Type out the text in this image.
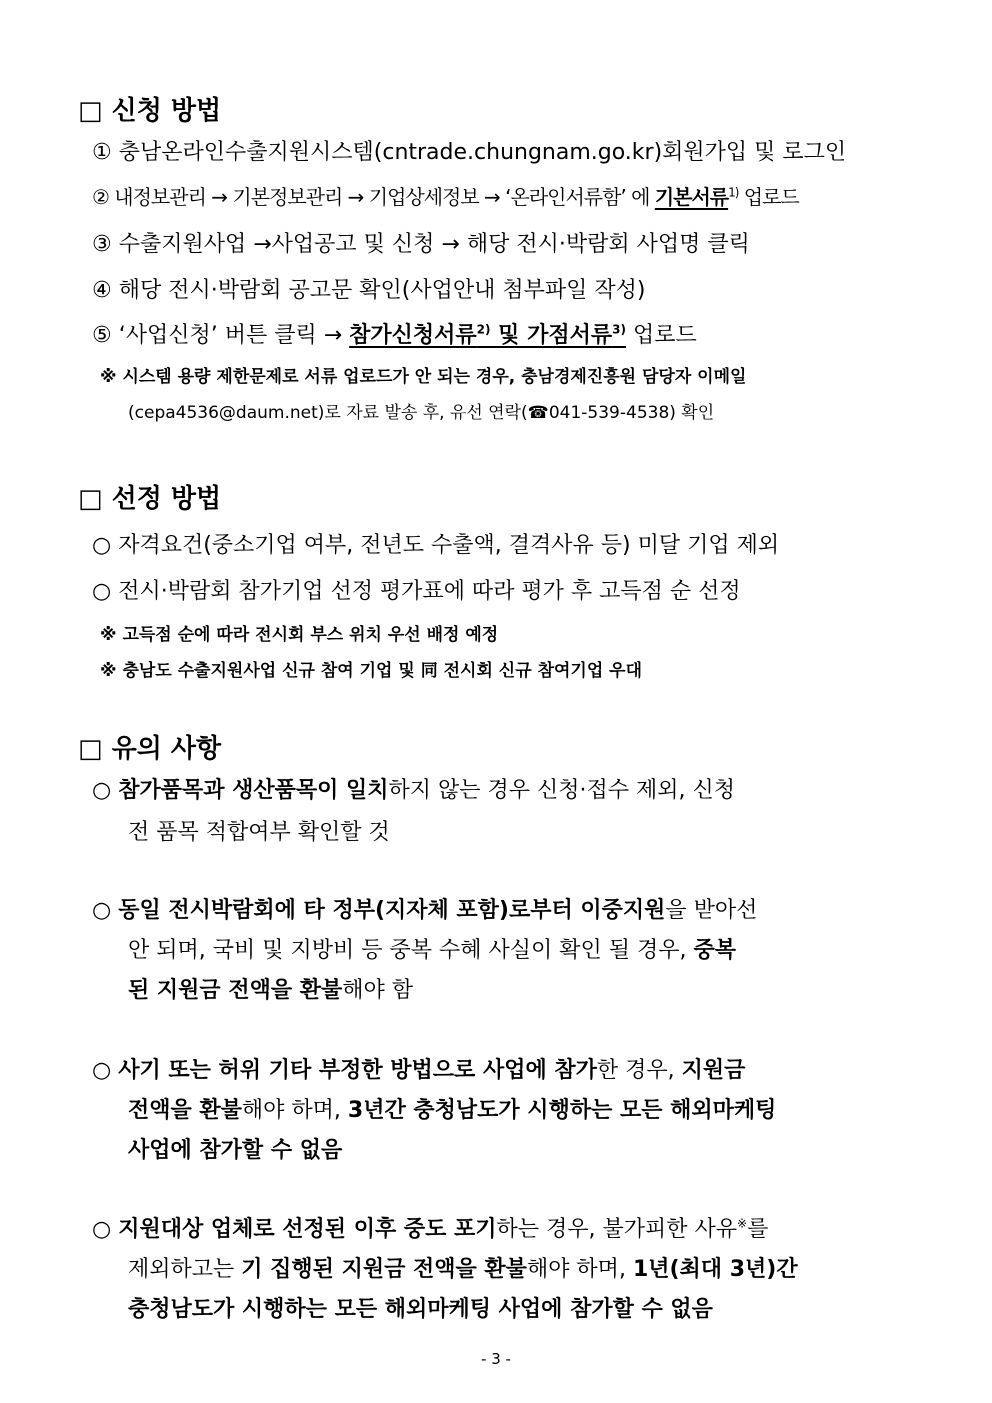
□ 신청 방법
① 충남온라인수출지원시스템(cntrade.chungnam.go.kr)회원가입 및 로그인
② 내정보관리 → 기본정보관리 → 기업상세정보 → ‘온라인서류함’ 에 기본서류$^{1)}$ 업로드
③ 수출지원사업 →사업공고 및 신청 → 해당 전시·박람회 사업명 클릭
④ 해당 전시·박람회 공고문 확인(사업안내 첨부파일 작성)
⑤ ‘사업신청’ 버튼 클릭 → 참가신청서류$^{2)}$ 및 가점서류$^{3)}$ 업로드
※ 시스템 용량 제한문제로 서류 업로드가 안 되는 경우, 충남경제진흥원 담당자 이메일
(cepa4536@daum.net)로 자료 발송 후, 유선 연락(☎041-539-4538) 확인
□ 선정 방법
○ 자격요건(중소기업 여부, 전년도 수출액, 결격사유 등) 미달 기업 제외
○ 전시·박람회 참가기업 선정 평가표에 따라 평가 후 고득점 순 선정
※ 고득점 순에 따라 전시회 부스 위치 우선 배정 예정
※ 충남도 수출지원사업 신규 참여 기업 및 同 전시회 신규 참여기업 우대
□ 유의 사항
○ 참가품목과 생산품목이 일치하지 않는 경우 신청·접수 제외, 신청
전 품목 적합여부 확인할 것
○ 동일 전시박람회에 타 정부(지자체 포함)로부터 이중지원을 받아선
안 되며, 국비 및 지방비 등 중복 수혜 사실이 확인 될 경우, 중복
된 지원금 전액을 환불해야 함
○ 사기 또는 허위 기타 부정한 방법으로 사업에 참가한 경우, 지원금
전액을 환불해야 하며, 3년간 충청남도가 시행하는 모든 해외마케팅
사업에 참가할 수 없음
○ 지원대상 업체로 선정된 이후 중도 포기하는 경우, 불가피한 사유※를
제외하고는 기 집행된 지원금 전액을 환불해야 하며, 1년(최대 3년)간
충청남도가 시행하는 모든 해외마케팅 사업에 참가할 수 없음
- 3 -
